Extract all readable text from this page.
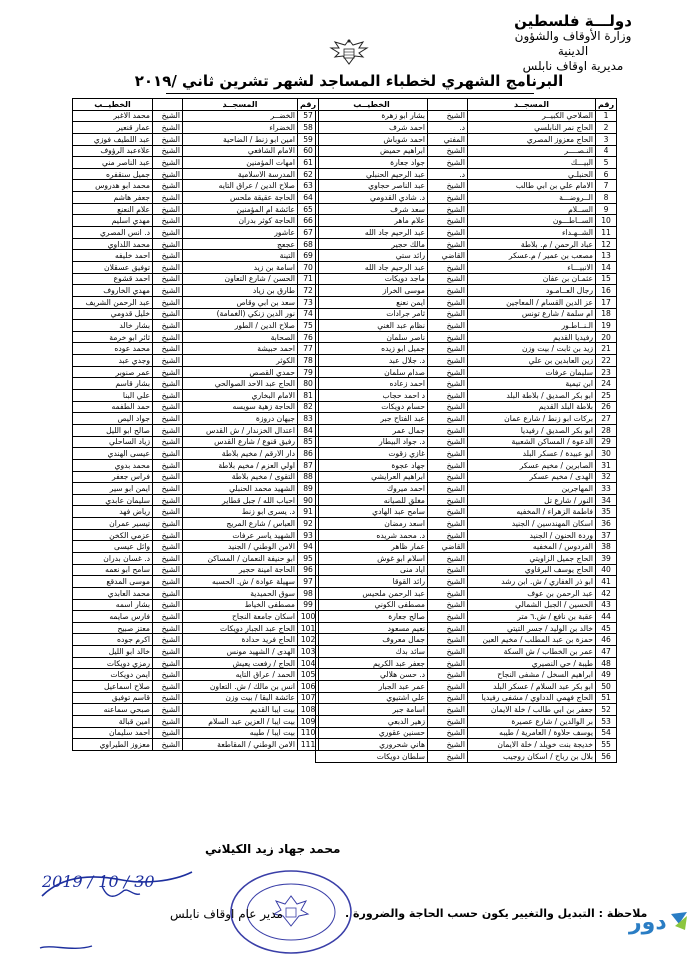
دولـــة فلسطين
وزارة الأوقاف والشؤون الدينية
مديرية اوقاف نابلس
البرنامج الشهري لخطباء المساجد لشهر تشرين ثاني /٢٠١٩
رقم	المسجــد		الخطيــب
1	الصلاحي الكبيــر	الشيخ	بشار ابو زهرة
2	الحاج نمر النابلسي	د.	احمد شرف
3	الحاج معزوز المصري	المفتي	احمد شوباش
4	النـصــــر	الشيخ	ابراهيم حميض
5	البيـــك	الشيخ	جواد جعارة
6	الحنبلـي	د.	عبد الرحيم الحنبلي
7	الامام علي بن ابي طالب	الشيخ	عبد الناصر حجاوي
8	الــروضـــة	الشيخ	د. شادي القدومي
9	الســلام	الشيخ	سعد شرف
10	الســاطـــون	الشيخ	علام ماهر
11	الشــهـداء	الشيخ	عبد الرحيم جاد الله
12	عباد الرحمن / م. بلاطة	الشيخ	مالك حجير
13	مصعب بن عمير / م.عسكر	القاضي	رائد ستي
14	الانبيـــاء	الشيخ	عبد الرحيم جاد الله
15	عثمـان بن عفان	الشيخ	ماجد دويكات
16	رجال العــامـود	الشيخ	موسى الخراز
17	عز الدين القسام / المعاجين	الشيخ	ايمن نعنع
18	ام سلمة / شارع تونس	الشيخ	ثامر جرادات
19	الـنــاطـور	الشيخ	نظام عبد الغني
20	رفيديا القديم	الشيخ	ناصر سلمان
21	زيد بن ثابت / بيت وزن	الشيخ	جميل ابو زيده
22	زين العابدين بن علي	الشيخ	د. جلال عبد
23	سليمان عرفات	الشيخ	صدام سلمان
24	ابن تيمية	الشيخ	احمد زعاده
25	ابو بكر الصديق / بلاطة البلد	الشيخ	د احمد حجاب
26	بلاطة البلد القديم	الشيخ	حسام دويكات
27	بركات ابو زنط / شارع عمان	الشيخ	عبد الفتاح جبر
28	ابو بكر الصديق / رفيديا	الشيخ	جمال عمر
29	الدعوة / المساكن الشعبية	الشيخ	د. جواد البيطار
30	ابو عبيدة / عسكر البلد	الشيخ	غازي زقوت
31	الصابرين / مخيم عسكر	الشيخ	جهاد عجوة
32	الهدى / مخيم عسكر	الشيخ	ابراهيم العرايشي
33	المهاجرين	الشيخ	احمد ميروك
34	النور / شارع تل	الشيخ	مغلق للصيانه
35	فاطمة الزهراء / المخفيه	الشيخ	سامح عبد الهادي
36	اسكان المهندسين / الجنيد	الشيخ	اسعد رمضان
37	وردة الحنون / الجنيد	الشيخ	د. محمد شريده
38	الفردوس / المخفيه	القاضي	عمار ظاهر
39	الحاج جميل الزاويتي	الشيخ	اسلام ابو غوش
40	الحاج يوسف البرقاوي	الشيخ	اياد منى
41	ابو ذر الغفاري / ش. ابن رشد	الشيخ	رائد القوقا
42	عبد الرحمن بن عوف	الشيخ	عبد الرحمن ملحيس
43	الحسين / الجبل الشمالي	الشيخ	مصطفى الكوني
44	عقبة بن نافع / ش.٦ متر	الشيخ	صالح جعارة
45	خالد بن الوليد / جسر التيتي	الشيخ	نعيم مسعود
46	حمزة بن عبد المطلب / مخيم العين	الشيخ	جمال معروف
47	عمر بن الخطاب / ش السكة	الشيخ	سائد بدك
48	طيبة / حي النصيري	الشيخ	جعفر عبد الكريم
49	ابراهيم السخل / مشفى النجاح	الشيخ	د. حسن هلالي
50	ابو بكر عبد السلام / عسكر البلد	الشيخ	عمر عبد الجبار
51	الحاج فهمي الدداوي / مشفى رفيديا	الشيخ	علي اشتيوي
52	جعفر بن ابي طالب / خلة الايمان	الشيخ	اسامة جبر
53	بر الوالدين / شارع عصيرة	الشيخ	زهير الدبعي
54	يوسف حلاوة / العامرية / طيبه	الشيخ	حسنين عقوري
55	خديجة بنت خويلد / خلة الايمان	الشيخ	هاني شحروري
56	بلال بن رباح / اسكان روجيب	الشيخ	سلطان دويكات
رقم	المسجــد		الخطيــب
57	الخضــر	الشيخ	محمد الاغبر
58	الخضراء	الشيخ	عمار قنعير
59	امين ابو زنط / الضاحية	الشيخ	عبد اللطيف فوزي
60	الامام الشافعي	الشيخ	علاءعبد الرؤوف
61	امهات المؤمنين	الشيخ	عبد الناصر مني
62	المدرسة الاسلامية	الشيخ	جميل سنقفره
63	صلاح الدين / عراق التايه	الشيخ	محمد ابو هدروس
64	الحاجة عقيقة ملحس	الشيخ	جعفر هاشم
65	عائشة ام المؤمنين	الشيخ	علام النعنع
66	الحاجة كوثر بدران	الشيخ	مهدي اسليم
67	عاشور	الشيخ	د. انس المصري
68	عجعج	الشيخ	محمد اللداوي
69	التينة	الشيخ	احمد خليفه
70	اسامة بن زيد	الشيخ	توفيق عسقلان
71	الحسن / شارع التعاون	الشيخ	احمد قشوع
72	طارق بن زياد	الشيخ	مهدي الخاروف
73	سعد بن ابي وقاص	الشيخ	عبد الرحمن الشريف
74	نور الدين زنكي (الغمامة)	الشيخ	خليل قدومي
75	صلاح الدين / الطور	الشيخ	بشار خالد
76	الصحابة	الشيخ	ثائر ابو خرمة
77	احمد حبيشة	الشيخ	محمد عوده
78	الكوثر	الشيخ	وجدي عبد
79	حمدي القصص	الشيخ	عمر صنوبر
80	الحاج عبد الاحد الصوالحي	الشيخ	بشار قاسم
81	الامام البخاري	الشيخ	علي البنا
82	الحاجة زهية سويسه	الشيخ	حمد الطفمه
83	جيهان دروزة	الشيخ	جواد اليص
84	اعتدال الخزندار / ش القدس	الشيخ	صالح ابو الليل
85	رفيق قنوع / شارع القدس	الشيخ	زياد الساحلي
86	دار الارقم / مخيم بلاطة	الشيخ	عيسى الهندي
87	اولي العزم / مخيم بلاطة	الشيخ	محمد بدوي
88	التقوى / مخيم بلاطة	الشيخ	فراس جعفر
89	الشهيد محمد الحنبلي	الشيخ	ايمن ابو سير
90	احباب الله / جبل قطاير	الشيخ	سليمان عابدي
91	د. يسرى ابو زنط	الشيخ	رياض فهد
92	العباس / شارع المريج	الشيخ	تيسير عمران
93	الشهيد ياسر عرفات	الشيخ	عزمي الكخن
94	الامن الوطني / الجنيد	الشيخ	وائل عيسى
95	ابو حنيفة النعمان / المساكن	الشيخ	د. غسان بدران
96	الحاجة امينة حجير	الشيخ	سامح ابو نعمه
97	سهيلة عوادة / ش. الحسبه	الشيخ	موسى المدقع
98	سوق الحميدية	الشيخ	محمد العابدي
99	مصطفى الخياط	الشيخ	بشار اسمه
100	اسكان جامعة النجاح	الشيخ	فارس صايمه
101	الحاج عبد الجبار دويكات	الشيخ	معتز صبيح
102	الحاج فريد حدادة	الشيخ	اكرم جوده
103	الهدى / الشهيد مونس	الشيخ	خالد ابو الليل
104	الحاج / رفعت يعيش	الشيخ	رمزي دويكات
105	الحمد / عراق التايه	الشيخ	ايمن دويكات
106	انس بن مالك / ش. التعاون	الشيخ	صلاح اسماعيل
107	عائشة البقا / بيت وزن	الشيخ	قاسم توفيق
108	بيت ايبا القديم	الشيخ	صبحي سماعنه
109	بيت ايبا / العزين عبد السلام	الشيخ	امين قبالة
110	بيت ايبا / طيبه	الشيخ	احمد سليمان
111	الامن الوطني / المقاطعة	الشيخ	معزوز الطيراوي
محمد جهاد زيد الكيلاني
2019 / 10 / 30
مدير عام اوقاف نابلس	ملاحظة : التبديل والتغيير يكون حسب الحاجة والضرورة .
دور
